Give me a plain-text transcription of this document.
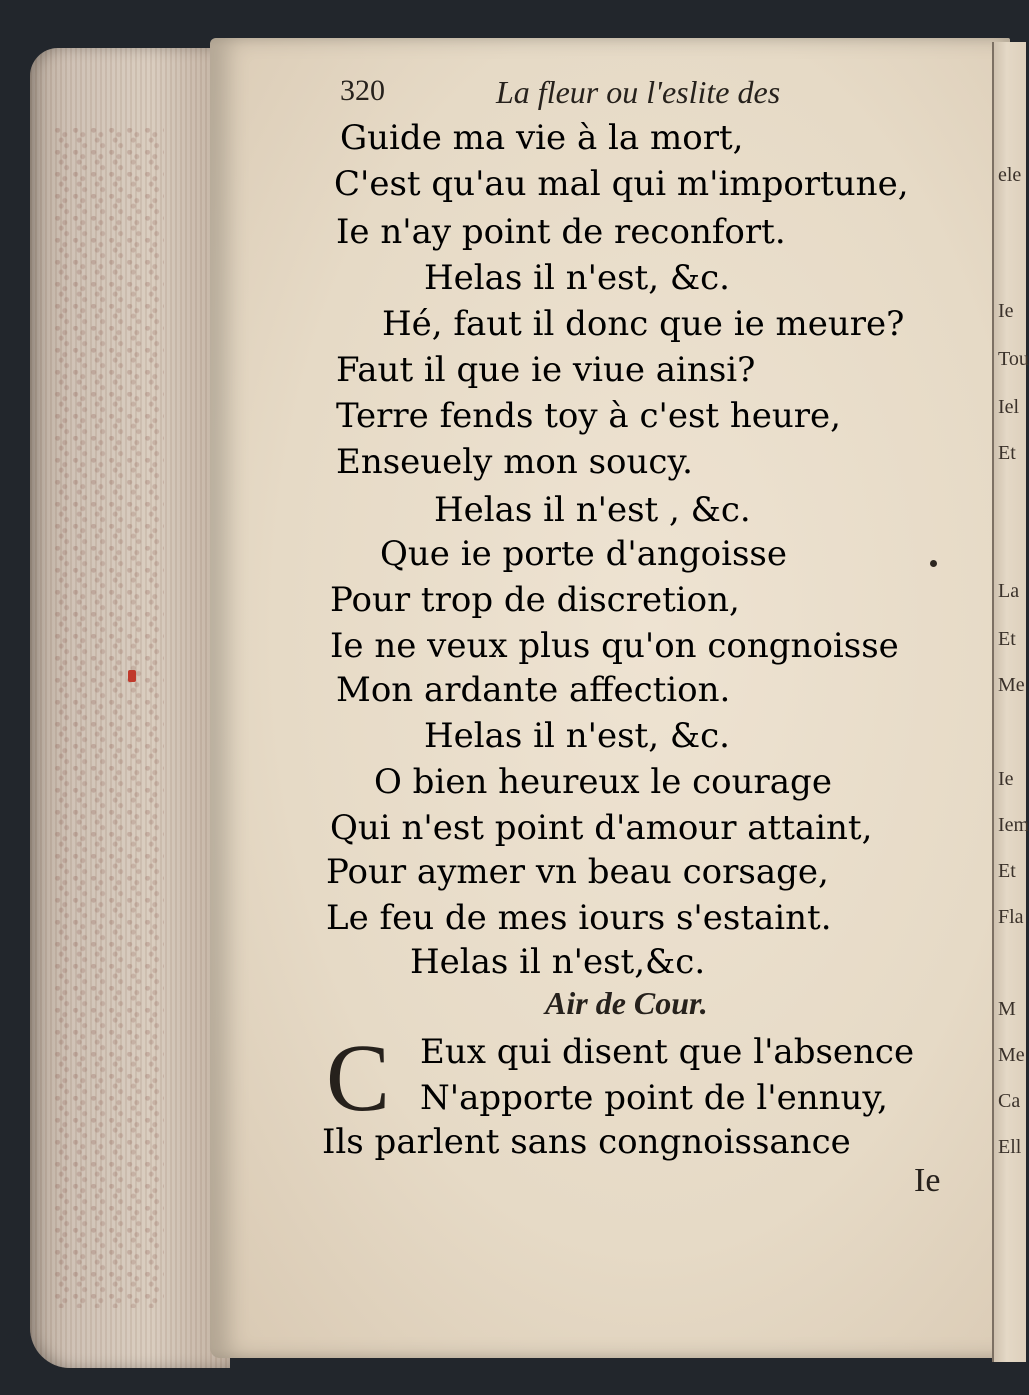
ele
Ie
Tou
Iel
Et
La
Et
Me
Ie
Iem
Et
Fla
M
Me
Ca
Ell
320	La fleur ou l'eslite des
Guide ma vie à la mort,
C'est qu'au mal qui m'importune,
Ie n'ay point de reconfort.
Helas il n'est, &c.
Hé, faut il donc que ie meure?
Faut il que ie viue ainsi?
Terre fends toy à c'est heure,
Enseuely mon soucy.
Helas il n'est , &c.
Que ie porte d'angoisse
Pour trop de discretion,
Ie ne veux plus qu'on congnoisse
Mon ardante affection.
Helas il n'est, &c.
O bien heureux le courage
Qui n'est point d'amour attaint,
Pour aymer vn beau corsage,
Le feu de mes iours s'estaint.
Helas il n'est,&c.
Air de Cour.
C Eux qui disent que l'absence
N'apporte point de l'ennuy,
Ils parlent sans congnoissance
Ie
